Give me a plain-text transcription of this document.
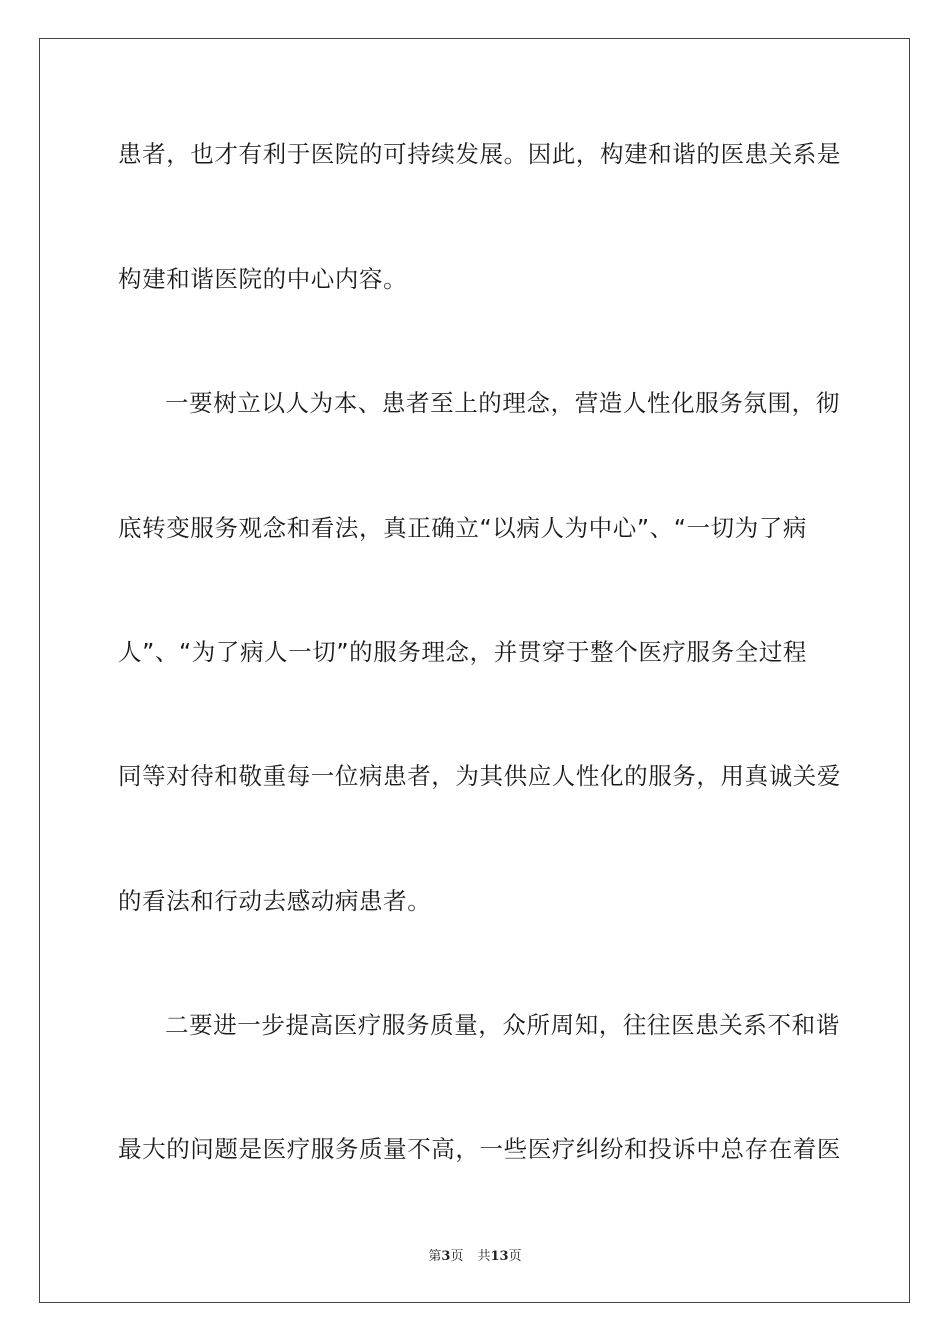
患者，也才有利于医院的可持续发展。因此，构建和谐的医患关系是
构建和谐医院的中心内容。
一要树立以人为本、患者至上的理念，营造人性化服务氛围，彻
底转变服务观念和看法，真正确立“以病人为中心”、“一切为了病
人”、“为了病人一切”的服务理念，并贯穿于整个医疗服务全过程
同等对待和敬重每一位病患者，为其供应人性化的服务，用真诚关爱
的看法和行动去感动病患者。
二要进一步提高医疗服务质量，众所周知，往往医患关系不和谐
最大的问题是医疗服务质量不高，一些医疗纠纷和投诉中总存在着医
第3页 共13页
